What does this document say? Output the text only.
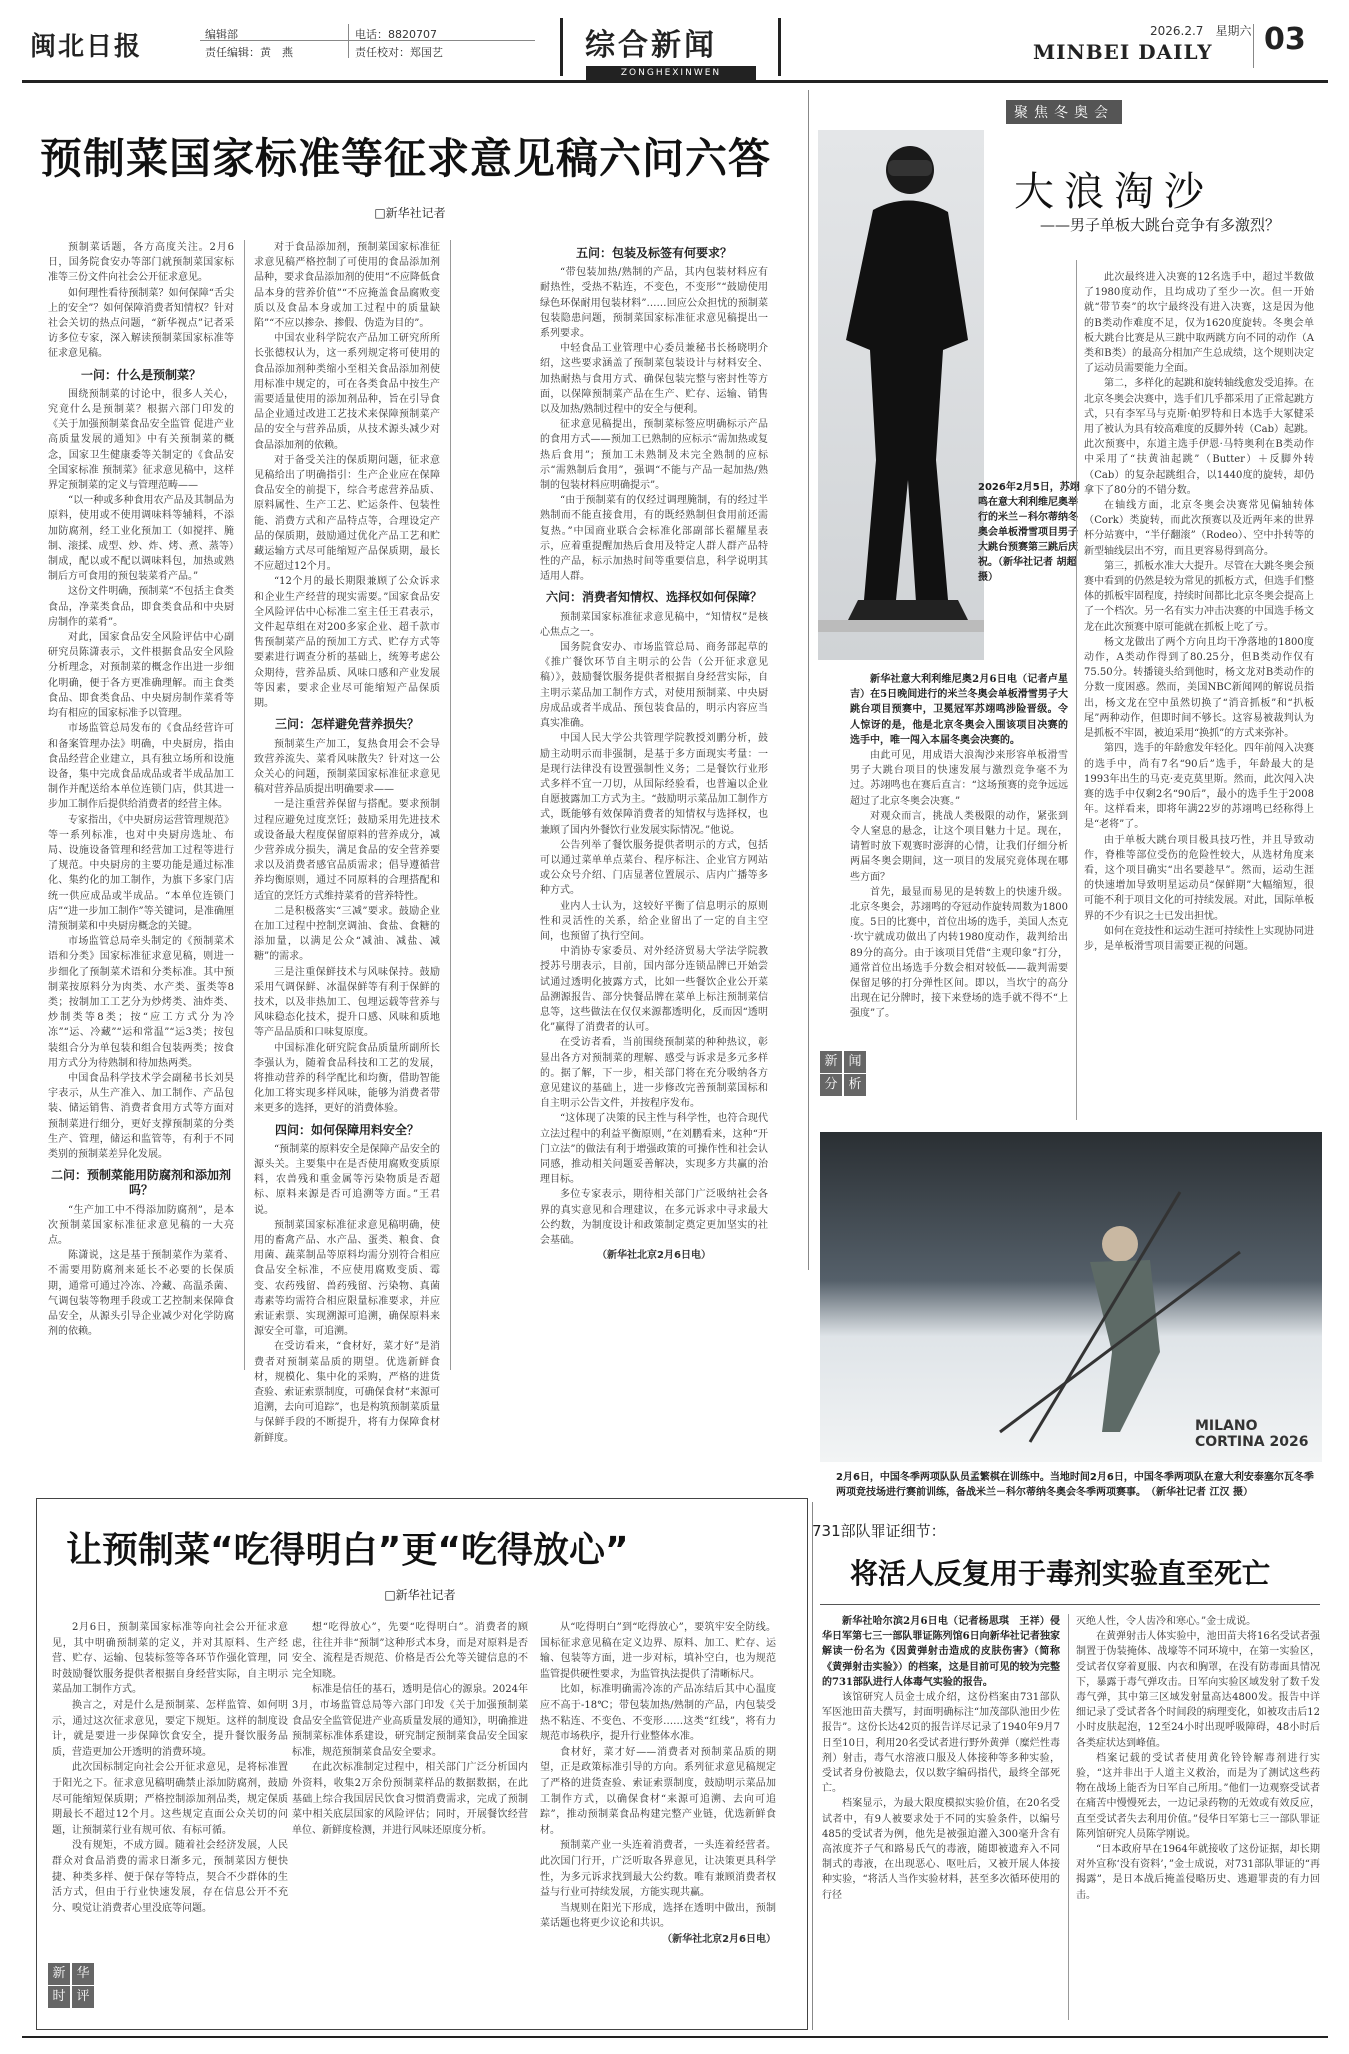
闽北日报	编辑部	电话：8820707
责任编辑：黄　燕	责任校对：郑国艺	综合新闻
ZONGHEXINWEN
2026.2.7　星期六
MINBEI DAILY 03
预制菜国家标准等征求意见稿六问六答
□新华社记者

预制菜话题，各方高度关注。2月6日，国务院食安办等部门就预制菜国家标准等三份文件向社会公开征求意见。

如何理性看待预制菜？如何保障“舌尖上的安全”？如何保障消费者知情权？针对社会关切的热点问题，“新华视点”记者采访多位专家，深入解读预制菜国家标准等征求意见稿。

一问：什么是预制菜？

围绕预制菜的讨论中，很多人关心，究竟什么是预制菜？根据六部门印发的《关于加强预制菜食品安全监管 促进产业高质量发展的通知》中有关预制菜的概念，国家卫生健康委等关制定的《食品安全国家标准 预制菜》征求意见稿中，这样界定预制菜的定义与管理范畴——

“以一种或多种食用农产品及其制品为原料，使用或不使用调味料等辅料，不添加防腐剂，经工业化预加工（如搅拌、腌制、滚揉、成型、炒、炸、烤、煮、蒸等）制成，配以或不配以调味料包，加热或熟制后方可食用的预包装菜肴产品。”

这份文件明确，预制菜“不包括主食类食品，净菜类食品，即食类食品和中央厨房制作的菜肴”。

对此，国家食品安全风险评估中心副研究员陈潇表示，文件根据食品安全风险分析理念，对预制菜的概念作出进一步细化明确，便于各方更准确理解。而主食类食品、即食类食品、中央厨房制作菜肴等均有相应的国家标准予以管理。

市场监管总局发布的《食品经营许可和备案管理办法》明确，中央厨房，指由食品经营企业建立，具有独立场所和设施设备，集中完成食品成品或者半成品加工制作并配送给本单位连锁门店，供其进一步加工制作后提供给消费者的经营主体。

专家指出，《中央厨房运营管理规范》等一系列标准，也对中央厨房选址、布局、设施设备管理和经营加工过程等进行了规范。中央厨房的主要功能是通过标准化、集约化的加工制作，为旗下多家门店统一供应成品或半成品。“本单位连锁门店”“进一步加工制作”等关键词，是准确厘清预制菜和中央厨房概念的关键。

市场监管总局牵头制定的《预制菜术语和分类》国家标准征求意见稿，则进一步细化了预制菜术语和分类标准。其中预制菜按原料分为肉类、水产类、蛋类等8类；按制加工工艺分为炒烤类、油炸类、炒制类等8类；按“应工方式分为冷冻”“运、冷藏”“运和常温”“运3类；按包装组合分为单包装和组合包装两类；按食用方式分为待熟制和待加热两类。

中国食品科学技术学会副秘书长刘昊宇表示，从生产准入、加工制作、产品包装、储运销售、消费者食用方式等方面对预制菜进行细分，更好支撑预制菜的分类生产、管理，储运和监管等，有利于不同类别的预制菜差异化发展。

二问：预制菜能用防腐剂和添加剂吗？

“生产加工中不得添加防腐剂”，是本次预制菜国家标准征求意见稿的一大亮点。

陈潇说，这是基于预制菜作为菜肴、不需要用防腐剂来延长不必要的长保质期，通常可通过冷冻、冷藏、高温杀菌、气调包装等物理手段或工艺控制来保障食品安全，从源头引导企业减少对化学防腐剂的依赖。

对于食品添加剂，预制菜国家标准征求意见稿严格控制了可使用的食品添加剂品种，要求食品添加剂的使用“不应降低食品本身的营养价值”“不应掩盖食品腐败变质以及食品本身或加工过程中的质量缺陷”“不应以掺杂、掺假、伪造为目的”。

中国农业科学院农产品加工研究所所长张德权认为，这一系列规定将可使用的食品添加剂种类缩小至相关食品添加剂使用标准中规定的，可在各类食品中按生产需要适量使用的添加剂品种，旨在引导食品企业通过改进工艺技术来保障预制菜产品的安全与营养品质，从技术源头减少对食品添加剂的依赖。

对于备受关注的保质期问题，征求意见稿给出了明确指引：生产企业应在保障食品安全的前提下，综合考虑营养品质、原料属性、生产工艺、贮运条件、包装性能、消费方式和产品特点等，合理设定产品的保质期，鼓励通过优化产品工艺和贮藏运输方式尽可能缩短产品保质期，最长不应超过12个月。

“12个月的最长期限兼顾了公众诉求和企业生产经营的现实需要。”国家食品安全风险评估中心标准二室主任王君表示，文件起草组在对200多家企业、超千款市售预制菜产品的预加工方式、贮存方式等要素进行调查分析的基础上，统筹考虑公众期待，营养品质、风味口感和产业发展等因素，要求企业尽可能缩短产品保质期。

三问：怎样避免营养损失？

预制菜生产加工，复热食用会不会导致营养流失、菜肴风味散失？针对这一公众关心的问题，预制菜国家标准征求意见稿对营养品质提出明确要求——

一是注重营养保留与搭配。要求预制过程应避免过度烹饪；鼓励采用先进技术或设备最大程度保留原料的营养成分，减少营养成分损失，满足食品的安全营养要求以及消费者感官品质需求；倡导遵循营养均衡原则，通过不同原料的合理搭配和适宜的烹饪方式维持菜肴的营养特性。

二是积极落实“三减”要求。鼓励企业在加工过程中控制烹调油、食盐、食糖的添加量，以满足公众“减油、减盐、减糖”的需求。

三是注重保鲜技术与风味保持。鼓励采用气调保鲜、冰温保鲜等有利于保鲜的技术，以及非热加工、包埋运载等营养与风味稳态化技术，提升口感、风味和质地等产品品质和口味复原度。

中国标准化研究院食品质量所副所长李强认为，随着食品科技和工艺的发展，将推动营养的科学配比和均衡，借助智能化加工将实现多样风味，能够为消费者带来更多的选择，更好的消费体验。

四问：如何保障用料安全？

“预制菜的原料安全是保障产品安全的源头关。主要集中在是否使用腐败变质原料，农兽残和重金属等污染物质是否超标、原料来源是否可追溯等方面。”王君说。

预制菜国家标准征求意见稿明确，使用的畜禽产品、水产品、蛋类、粮食、食用菌、蔬菜制品等原料均需分别符合相应食品安全标准，不应使用腐败变质、霉变、农药残留、兽药残留、污染物、真菌毒素等均需符合相应限量标准要求，并应索证索票、实现溯源可追溯，确保原料来源安全可靠，可追溯。

在受访看来，“食材好，菜才好”是消费者对预制菜品质的期望。优选新鲜食材，规模化、集中化的采购，严格的进货查验、索证索票制度，可确保食材“来源可追溯，去向可追踪”，也是构筑预制菜质量与保鲜手段的不断提升，将有力保障食材新鲜度。

五问：包装及标签有何要求？

“带包装加热/熟制的产品，其内包装材料应有耐热性，受热不粘连，不变色，不变形”“鼓励使用绿色环保耐用包装材料”……回应公众担忧的预制菜包装隐患问题，预制菜国家标准征求意见稿提出一系列要求。

中轻食品工业管理中心委员兼秘书长杨晓明介绍，这些要求涵盖了预制菜包装设计与材料安全、加热耐热与食用方式、确保包装完整与密封性等方面，以保障预制菜产品在生产、贮存、运输、销售以及加热/熟制过程中的安全与便利。

征求意见稿提出，预制菜标签应明确标示产品的食用方式——预加工已熟制的应标示“需加热或复热后食用”；预加工未熟制及未完全熟制的应标示“需熟制后食用”，强调“不能与产品一起加热/熟制的包装材料应明确提示”。

“由于预制菜有的仅经过调理腌制，有的经过半熟制而不能直接食用，有的既经熟制但食用前还需复热。”中国商业联合会标准化部副部长翟耀星表示，应着重提醒加热后食用及特定人群人群产品特性的产品，标示加热时间等重要信息，科学说明其适用人群。

六问：消费者知情权、选择权如何保障？

预制菜国家标准征求意见稿中，“知情权”是核心焦点之一。

国务院食安办、市场监管总局、商务部起草的《推广餐饮环节自主明示的公告（公开征求意见稿）》，鼓励餐饮服务提供者根据自身经营实际，自主明示菜品加工制作方式，对使用预制菜、中央厨房成品或者半成品、预包装食品的，明示内容应当真实准确。

中国人民大学公共管理学院教授刘鹏分析，鼓励主动明示而非强制，是基于多方面现实考量：一是现行法律没有设置强制性义务；二是餐饮行业形式多样不宜一刀切，从国际经验看，也普遍以企业自愿披露加工方式为主。“鼓励明示菜品加工制作方式，既能够有效保障消费者的知情权与选择权，也兼顾了国内外餐饮行业发展实际情况。”他说。

公告列举了餐饮服务提供者明示的方式，包括可以通过菜单单点菜台、程序标注、企业官方网站或公众号介绍、门店显著位置展示、店内广播等多种方式。

业内人士认为，这较好平衡了信息明示的原则性和灵活性的关系，给企业留出了一定的自主空间，也预留了执行空间。

中消协专家委员、对外经济贸易大学法学院教授苏号朋表示，目前，国内部分连锁品牌已开始尝试通过透明化披露方式，比如一些餐饮企业公开菜品溯源报告、部分快餐品牌在菜单上标注预制菜信息等，这些做法在仅仅来源都透明化，反而因“透明化”赢得了消费者的认可。

在受访者看，当前围绕预制菜的种种热议，彰显出各方对预制菜的理解、感受与诉求是多元多样的。据了解，下一步，相关部门将在充分吸纳各方意见建议的基础上，进一步修改完善预制菜国标和自主明示公告文件，并按程序发布。

“这体现了决策的民主性与科学性，也符合现代立法过程中的利益平衡原则，”在刘鹏看来，这种“开门立法”的做法有利于增强政策的可操作性和社会认同感，推动相关问题妥善解决，实现多方共赢的治理目标。

多位专家表示，期待相关部门广泛吸纳社会各界的真实意见和合理建议，在多元诉求中寻求最大公约数，为制度设计和政策制定奠定更加坚实的社会基础。

（新华社北京2月6日电）
聚焦冬奥会
大浪淘沙
——男子单板大跳台竞争有多激烈？
2026年2月5日，苏翊鸣在意大利利维尼奥举行的米兰－科尔蒂纳冬奥会单板滑雪项目男子大跳台预赛第三跳后庆祝。（新华社记者 胡超 摄）

新华社意大利利维尼奥2月6日电（记者卢星吉）在5日晚间进行的米兰冬奥会单板滑雪男子大跳台项目预赛中，卫冕冠军苏翊鸣涉险晋级。令人惊讶的是，他是北京冬奥会入围该项目决赛的选手中，唯一闯入本届冬奥会决赛的。

由此可见，用成语大浪淘沙来形容单板滑雪男子大跳台项目的快速发展与激烈竞争毫不为过。苏翊鸣也在赛后直言：“这场预赛的竞争远远超过了北京冬奥会决赛。”

对观众而言，挑战人类极限的动作，紧张到令人窒息的悬念，让这个项目魅力十足。现在，请暂时放下观赛时澎湃的心情，让我们仔细分析两届冬奥会期间，这一项目的发展究竟体现在哪些方面？

首先，最显而易见的是转数上的快速升级。北京冬奥会，苏翊鸣的夺冠动作旋转周数为1800度。5日的比赛中，首位出场的选手，美国人杰克·坎宁就成功做出了内转1980度动作，裁判给出89分的高分。由于该项目凭借“主观印象”打分，通常首位出场选手分数会相对较低——裁判需要保留足够的打分弹性区间。即以，当坎宁的高分出现在记分牌时，接下来登场的选手就不得不“上强度”了。

新 闻 分 析

此次最终进入决赛的12名选手中，超过半数做了1980度动作，且均成功了至少一次。但一开始就“带节奏”的坎宁最终没有进入决赛，这是因为他的B类动作难度不足，仅为1620度旋转。冬奥会单板大跳台比赛是从三跳中取两跳方向不同的动作（A类和B类）的最高分相加产生总成绩，这个规则决定了运动员需要能力全面。

第二，多样化的起跳和旋转轴线愈发受追捧。在北京冬奥会决赛中，选手们几乎都采用了正常起跳方式，只有李军马与克斯·帕罗特和日本选手大冢健采用了被认为具有较高难度的反脚外转（Cab）起跳。此次预赛中，东道主选手伊恩·马特奥利在B类动作中采用了“扶黄油起跳”（Butter）＋反脚外转（Cab）的复杂起跳组合，以1440度的旋转，却仍拿下了80分的不错分数。

在轴线方面，北京冬奥会决赛常见偏轴转体（Cork）类旋转，而此次预赛以及近两年来的世界杯分站赛中，“半仔翻滚”（Rodeo）、空中扑转等的新型轴线层出不穷，而且更容易得到高分。

第三，抓板水准大大提升。尽管在大跳冬奥会预赛中看到的仍然是较为常见的抓板方式，但选手们整体的抓板牢固程度，持续时间都比北京冬奥会提高上了一个档次。另一名有实力冲击决赛的中国选手杨文龙在此次预赛中原可能就在抓板上吃了亏。

杨文龙做出了两个方向且均干净落地的1800度动作，A类动作得到了80.25分，但B类动作仅有75.50分。转播镜头给到他时，杨文龙对B类动作的分数一度困惑。然而，美国NBC新闻网的解说员指出，杨文龙在空中虽然切换了“消音抓板”和“扒板尾”两种动作，但即时间不够长。这容易被裁判认为是抓板不牢固，被迫采用“换抓”的方式来弥补。

第四，选手的年龄愈发年轻化。四年前闯入决赛的选手中，尚有7名“90后”选手，年龄最大的是1993年出生的马克·麦克莫里斯。然而，此次闯入决赛的选手中仅剩2名“90后”，最小的选手生于2008年。这样看来，即将年满22岁的苏翊鸣已经称得上是“老将”了。

由于单板大跳台项目极具技巧性，并且导致动作，脊椎等部位受伤的危险性较大，从选材角度来看，这个项目确实“出名要趁早”。然而，运动生涯的快速增加导致明星运动员“保鲜期”大幅缩短，很可能不利于项目文化的可持续发展。对此，国际单板界的不少有识之士已发出担忧。

如何在竞技性和运动生涯可持续性上实现协同进步，是单板滑雪项目需要正视的问题。

MILANO CORTINA 2026
2月6日，中国冬季两项队队员孟繁棋在训练中。当地时间2月6日，中国冬季两项队在意大利安泰塞尔瓦冬季两项竞技场进行赛前训练，备战米兰－科尔蒂纳冬奥会冬季两项赛事。　（新华社记者 江汉 摄）
让预制菜“吃得明白”更“吃得放心”
□新华社记者
新 华 时 评

2月6日，预制菜国家标准等向社会公开征求意见，其中明确预制菜的定义，并对其原料、生产经营、贮存、运输、包装标签等各环节作强化管理，同时鼓励餐饮服务提供者根据自身经营实际，自主明示菜品加工制作方式。

换言之，对是什么是预制菜、怎样监管、如何明示，通过这次征求意见，要定下规矩。这样的制度设计，就是要进一步保障饮食安全，提升餐饮服务品质，营造更加公开透明的消费环境。

此次国标制定向社会公开征求意见，是将标准置于阳光之下。征求意见稿明确禁止添加防腐剂，鼓励尽可能缩短保质期；严格控制添加剂品类，规定保质期最长不超过12个月。这些规定直面公众关切的问题，让预制菜行业有规可依、有标可循。

没有规矩，不成方圆。随着社会经济发展，人民群众对食品消费的需求日渐多元，预制菜因方便快捷、种类多样、便于保存等特点，契合不少群体的生活方式，但由于行业快速发展，存在信息公开不充分、嗅觉让消费者心里没底等问题。

想“吃得放心”，先要“吃得明白”。消费者的顾虑，往往并非“预制”这种形式本身，而是对原料是否安全、流程是否规范、价格是否公允等关键信息的不完全知晓。

标准是信任的基石，透明是信心的源泉。2024年3月，市场监管总局等六部门印发《关于加强预制菜食品安全监管促进产业高质量发展的通知》，明确推进预制菜标准体系建设，研究制定预制菜食品安全国家标准，规范预制菜食品安全要求。

在此次标准制定过程中，相关部门广泛分析国内外资料，收集2万余份预制菜样品的数据数据，在此基础上综合我国居民饮食习惯消费需求，完成了预制菜中相关底层国家的风险评估；同时，开展餐饮经营单位、新鲜度检测，并进行风味还原度分析。

从“吃得明白”到“吃得放心”，要筑牢安全防线。国标征求意见稿在定义边界、原料、加工、贮存、运输、包装等方面，进一步对标，填补空白，也为规范监管提供硬性要求，为监管执法提供了清晰标尺。

比如，标准明确需冷冻的产品冻结后其中心温度应不高于-18℃；带包装加热/熟制的产品，内包装受热不粘连、不变色、不变形……这类“红线”，将有力规范市场秩序，提升行业整体水准。

食材好，菜才好——消费者对预制菜品质的期望，正是政策标准引导的方向。系列征求意见稿规定了严格的进货查验、索证索票制度，鼓励明示菜品加工制作方式，以确保食材“来源可追溯、去向可追踪”，推动预制菜食品构建完整产业链，优选新鲜食材。

预制菜产业一头连着消费者，一头连着经营者。此次国门行开，广泛听取各界意见，让决策更具科学性，为多元诉求找到最大公约数。唯有兼顾消费者权益与行业可持续发展，方能实现共赢。

当规则在阳光下形成，选择在透明中做出，预制菜话题也将更少议论和共识。

（新华社北京2月6日电）
731部队罪证细节：
将活人反复用于毒剂实验直至死亡

新华社哈尔滨2月6日电（记者杨思琪　王祥）侵华日军第七三一部队罪证陈列馆6日向新华社记者独家解读一份名为《因黄弹射击造成的皮肤伤害》（简称《黄弹射击实验》）的档案，这是目前可见的较为完整的731部队进行人体毒气实验的报告。

该馆研究人员金士成介绍，这份档案由731部队军医池田苗夫撰写，封面明确标注“加茂部队池田少佐报告”。这份长达42页的报告详尽记录了1940年9月7日至10日，利用20名受试者进行野外黄弹（糜烂性毒剂）射击，毒气水溶液口服及人体接种等多种实验，受试者身份被隐去，仅以数字编码指代，最终全部死亡。

档案显示，为最大限度模拟实验价值，在20名受试者中，有9人被要求处于不同的实验条件，以编号485的受试者为例，他先是被强迫灌入300毫升含有高浓度芥子气和路易氏气的毒液，随即被遗弃入不同制式的毒液，在出现恶心、呕吐后，又被开展人体接种实验，“将活人当作实验材料，甚至多次循环使用的行径

灭绝人性，令人齿冷和寒心。”金士成说。

在黄弹射击人体实验中，池田苗夫将16名受试者强制置于伪装掩体、战壕等不同环境中，在第一实验区，受试者仅穿着夏服、内衣和胸罩，在没有防毒面具情况下，暴露于毒气弹攻击。日军向实验区域发射了数千发毒气弹，其中第三区域发射量高达4800发。报告中详细记录了受试者各个时间段的病理变化，如被攻击后12小时皮肤起泡，12至24小时出现呼吸障碍，48小时后各类症状达到峰值。

档案记载的受试者使用黄化铃铃解毒剂进行实验，“这并非出于人道主义救治，而是为了测试这些药物在战场上能否为日军自己所用。”他们一边观察受试者在痛苦中慢慢死去，一边记录药物的无效或有效反应，直至受试者失去利用价值。”侵华日军第七三一部队罪证陈列馆研究人员陈学刚说。

“日本政府早在1964年就接收了这份证据，却长期对外宣称‘没有资料’，”金士成说，对731部队罪证的“再揭露”，是日本战后掩盖侵略历史、逃避罪责的有力回击。
